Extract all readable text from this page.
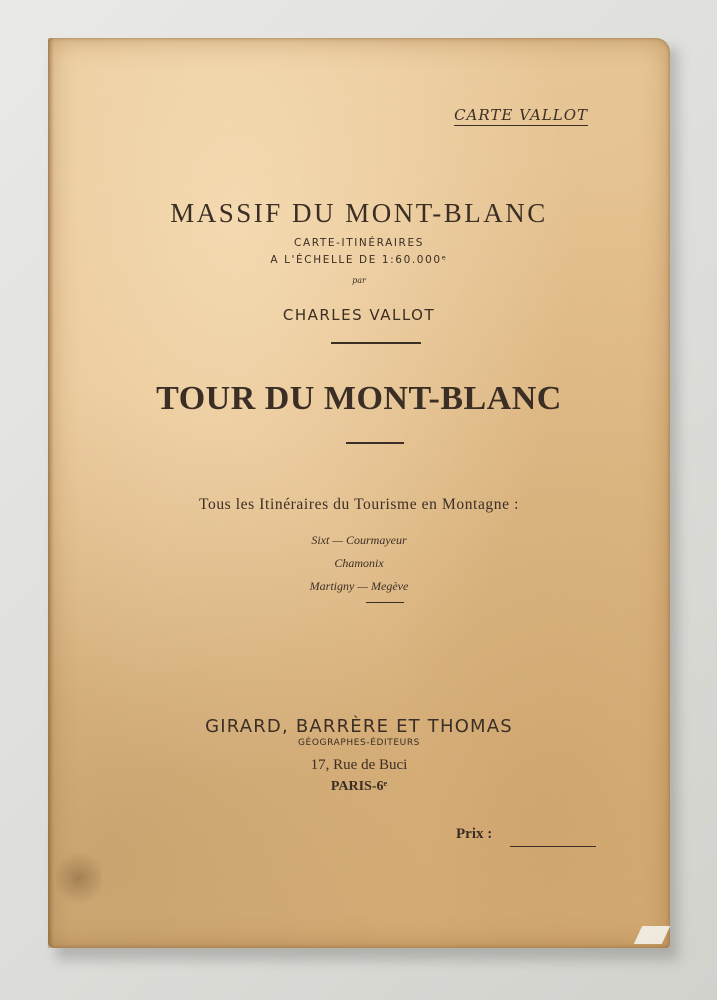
CARTE VALLOT
MASSIF DU MONT-BLANC
CARTE-ITINÉRAIRES
A L'ÉCHELLE DE 1:60.000ᵉ
par
CHARLES VALLOT
TOUR DU MONT-BLANC
Tous les Itinéraires du Tourisme en Montagne :
Sixt — Courmayeur
Chamonix
Martigny — Megève
GIRARD, BARRÈRE ET THOMAS
GÉOGRAPHES-ÉDITEURS
17, Rue de Buci
PARIS-6ᵉ
Prix :
